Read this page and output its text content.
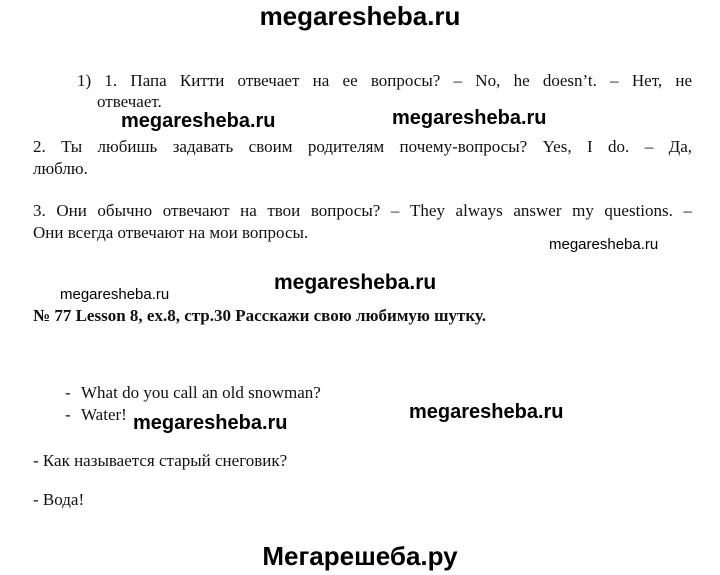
megaresheba.ru
1) 1. Папа Китти отвечает на ее вопросы? – No, he doesn’t. – Нет, не
отвечает.
megaresheba.ru	megaresheba.ru
2. Ты любишь задавать своим родителям почему-вопросы? Yes, I do. – Да,
люблю.
3. Они обычно отвечают на твои вопросы? – They always answer my questions. –
Они всегда отвечают на мои вопросы.
megaresheba.ru
megaresheba.ru
megaresheba.ru
№ 77 Lesson 8, ex.8, стр.30 Расскажи свою любимую шутку.
- What do you call an old snowman?
- Water! megaresheba.ru	megaresheba.ru
- Как называется старый снеговик?
- Вода!
Мегарешеба.ру
